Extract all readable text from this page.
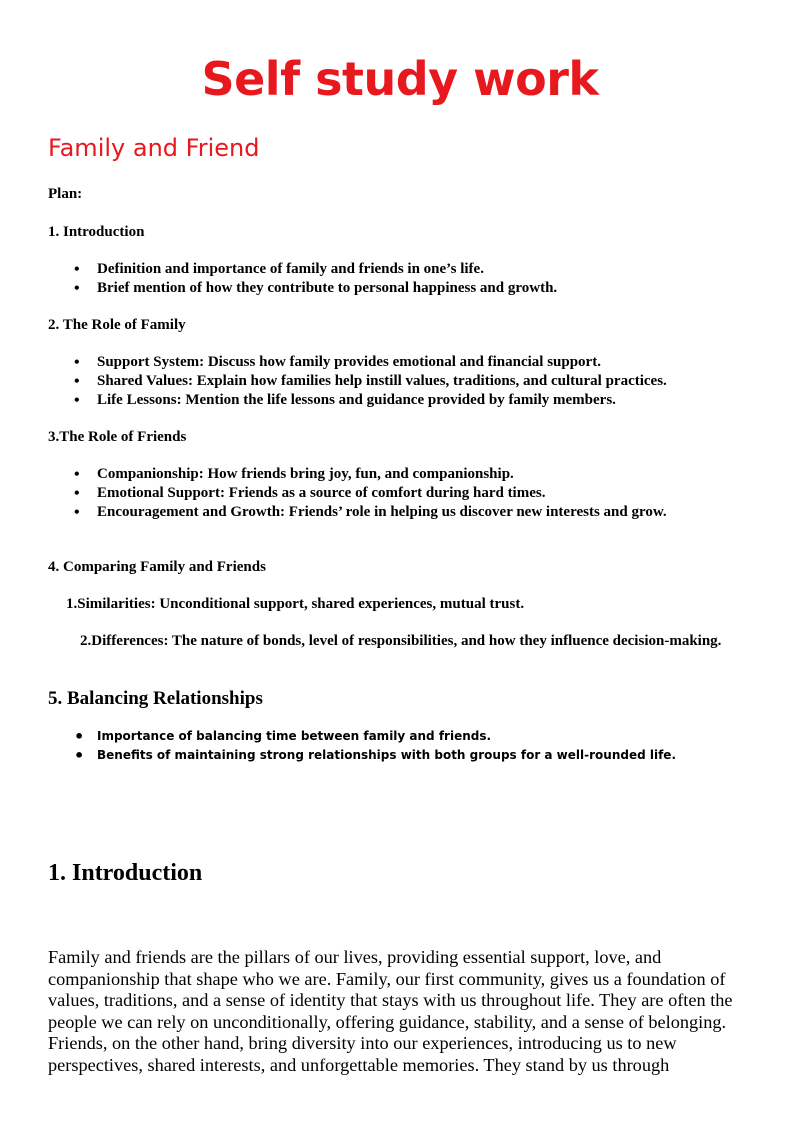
Self study work
Family and Friend

Plan:

1. Introduction

• Definition and importance of family and friends in one’s life.
• Brief mention of how they contribute to personal happiness and growth.

2. The Role of Family

• Support System: Discuss how family provides emotional and financial support.
• Shared Values: Explain how families help instill values, traditions, and cultural practices.
• Life Lessons: Mention the life lessons and guidance provided by family members.

3.The Role of Friends

• Companionship: How friends bring joy, fun, and companionship.
• Emotional Support: Friends as a source of comfort during hard times.
• Encouragement and Growth: Friends’ role in helping us discover new interests and grow.

4. Comparing Family and Friends

1.Similarities: Unconditional support, shared experiences, mutual trust.

2.Differences: The nature of bonds, level of responsibilities, and how they influence decision-making.

5. Balancing Relationships

• Importance of balancing time between family and friends.
• Benefits of maintaining strong relationships with both groups for a well-rounded life.

1. Introduction

Family and friends are the pillars of our lives, providing essential support, love, and companionship that shape who we are. Family, our first community, gives us a foundation of values, traditions, and a sense of identity that stays with us throughout life. They are often the people we can rely on unconditionally, offering guidance, stability, and a sense of belonging. Friends, on the other hand, bring diversity into our experiences, introducing us to new perspectives, shared interests, and unforgettable memories. They stand by us through
